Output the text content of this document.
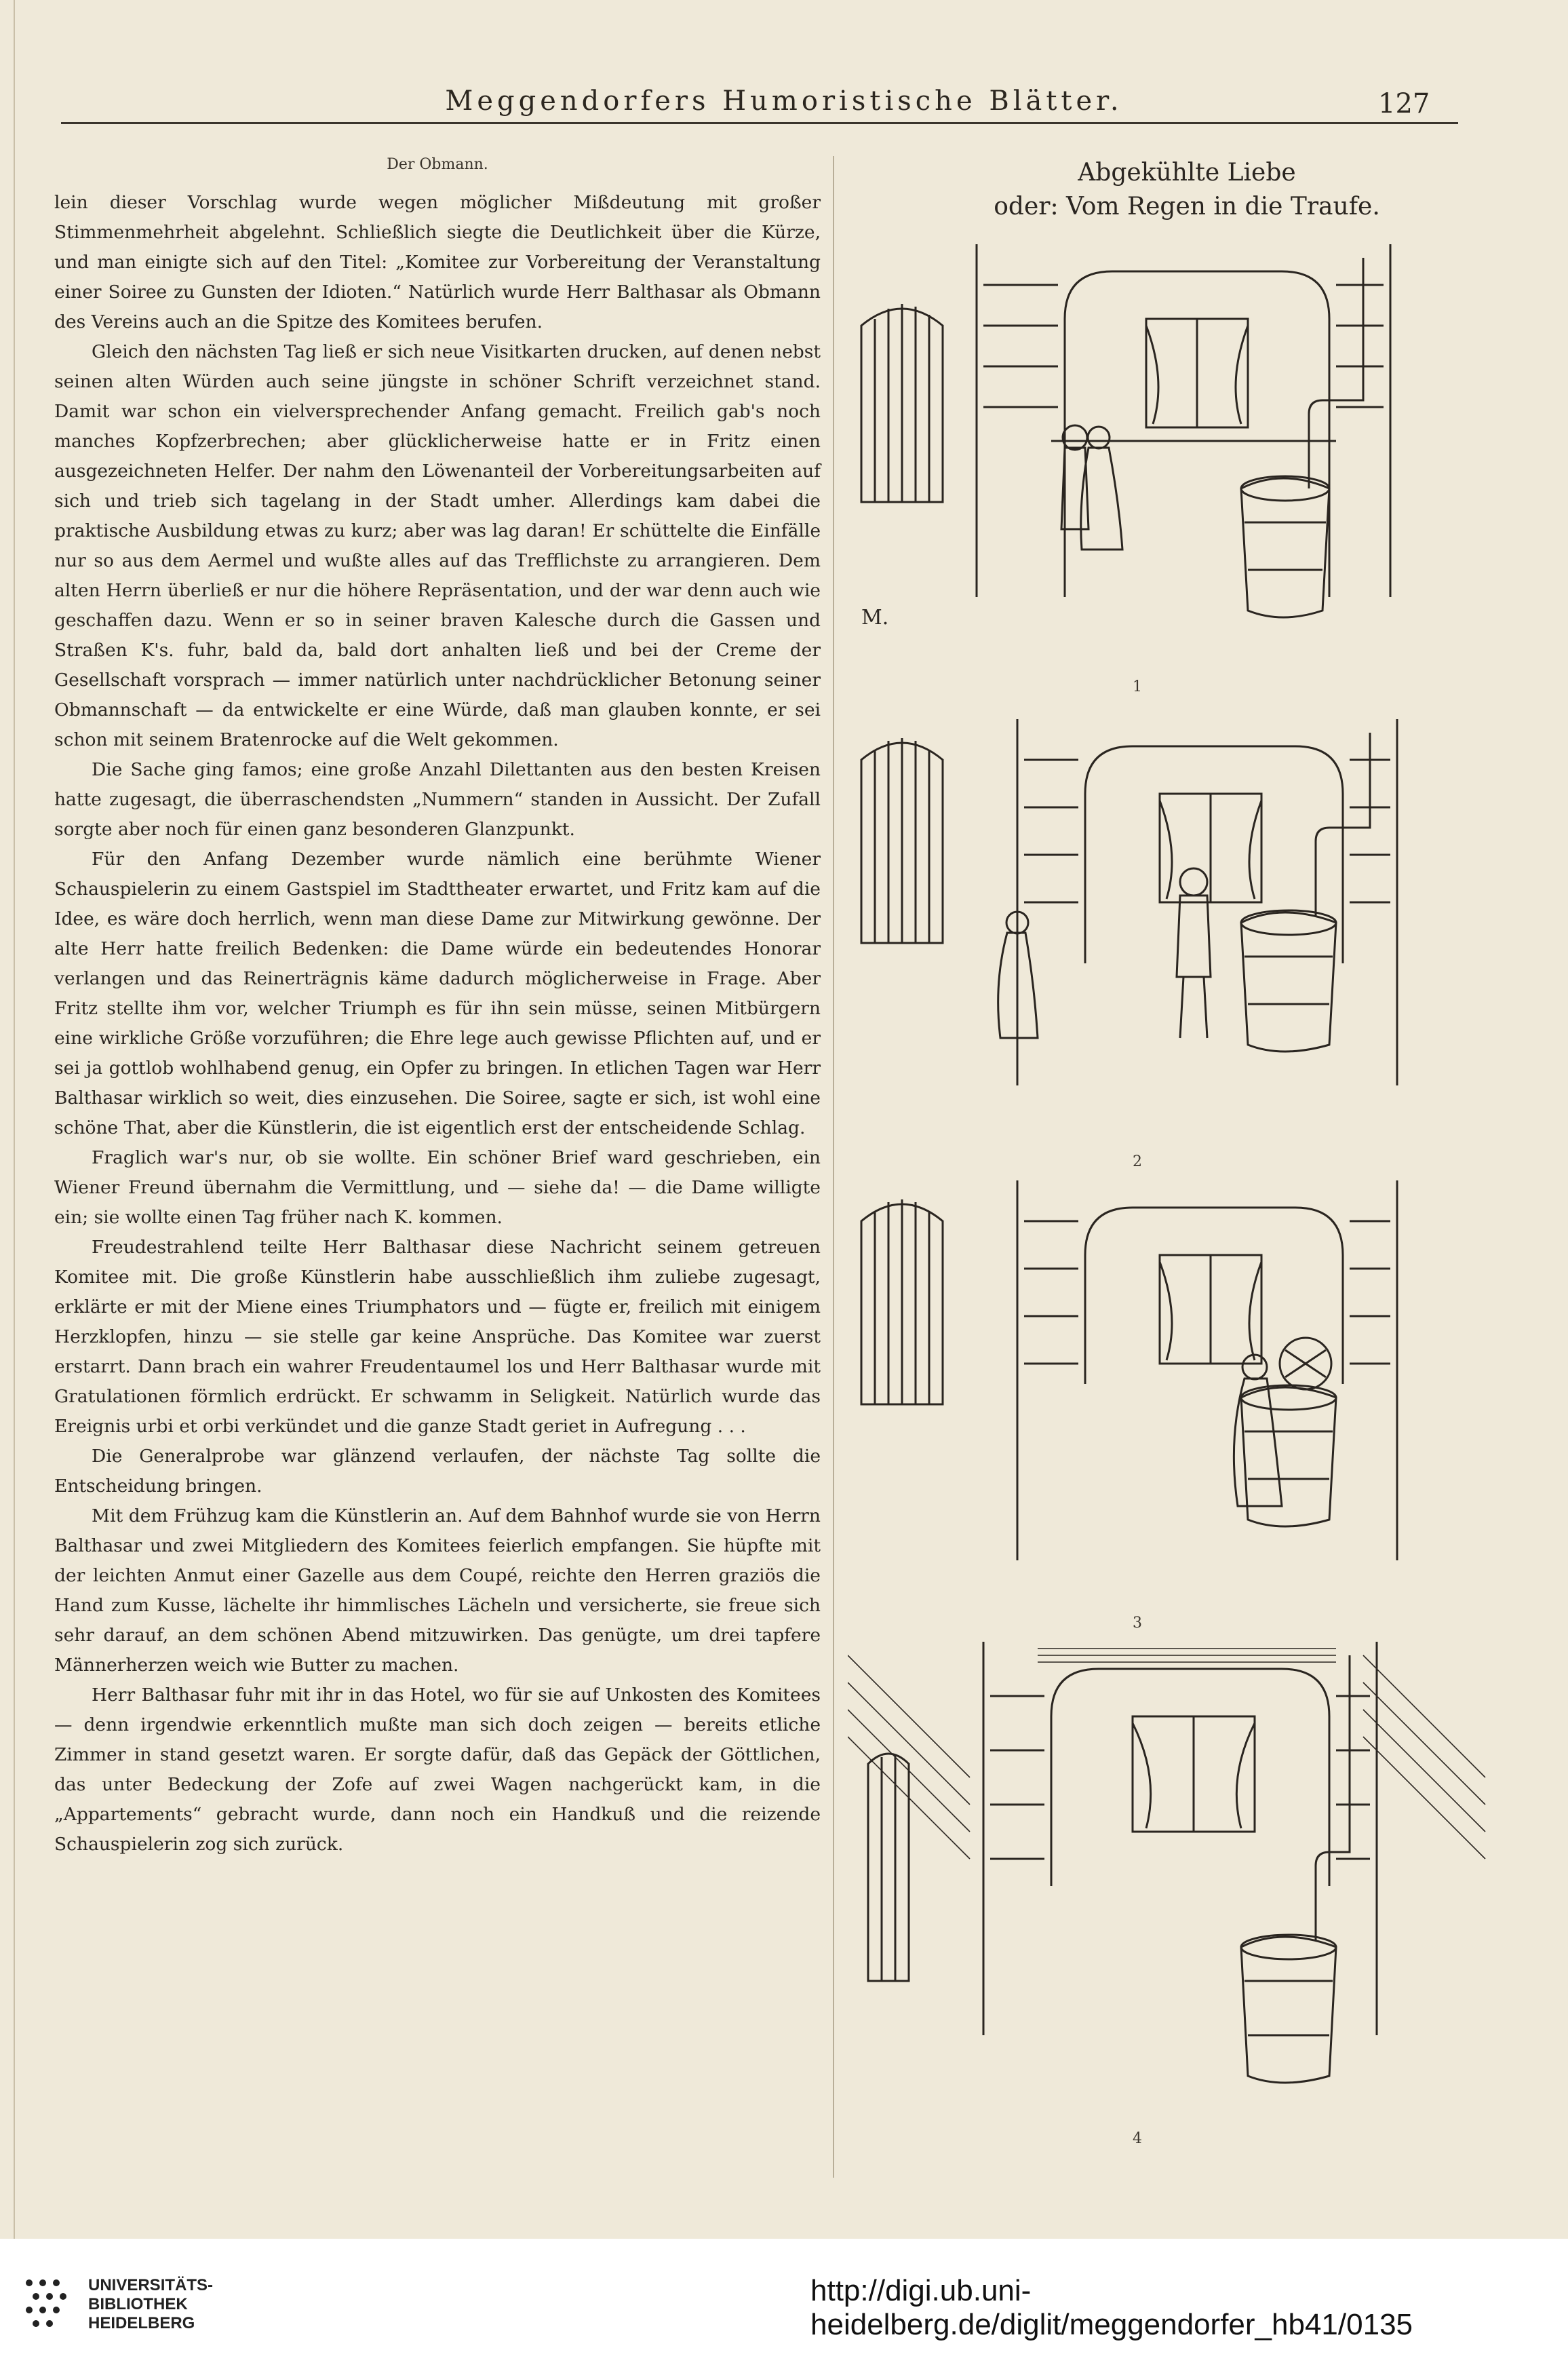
Meggendorfers Humoristische Blätter.	127
Der Obmann.

lein dieser Vorschlag wurde wegen möglicher Mißdeutung mit großer Stimmenmehrheit abgelehnt. Schließlich siegte die Deutlichkeit über die Kürze, und man einigte sich auf den Titel: „Komitee zur Vorbereitung der Veranstaltung einer Soiree zu Gunsten der Idioten.“ Natürlich wurde Herr Balthasar als Obmann des Vereins auch an die Spitze des Komitees berufen.

Gleich den nächsten Tag ließ er sich neue Visitkarten drucken, auf denen nebst seinen alten Würden auch seine jüngste in schöner Schrift verzeichnet stand. Damit war schon ein vielversprechender Anfang gemacht. Freilich gab's noch manches Kopfzerbrechen; aber glücklicherweise hatte er in Fritz einen ausgezeichneten Helfer. Der nahm den Löwenanteil der Vorbereitungsarbeiten auf sich und trieb sich tagelang in der Stadt umher. Allerdings kam dabei die praktische Ausbildung etwas zu kurz; aber was lag daran! Er schüttelte die Einfälle nur so aus dem Aermel und wußte alles auf das Trefflichste zu arrangieren. Dem alten Herrn überließ er nur die höhere Repräsentation, und der war denn auch wie geschaffen dazu. Wenn er so in seiner braven Kalesche durch die Gassen und Straßen K's. fuhr, bald da, bald dort anhalten ließ und bei der Creme der Gesellschaft vorsprach — immer natürlich unter nachdrücklicher Betonung seiner Obmannschaft — da entwickelte er eine Würde, daß man glauben konnte, er sei schon mit seinem Bratenrocke auf die Welt gekommen.

Die Sache ging famos; eine große Anzahl Dilettanten aus den besten Kreisen hatte zugesagt, die überraschendsten „Nummern“ standen in Aussicht. Der Zufall sorgte aber noch für einen ganz besonderen Glanzpunkt.

Für den Anfang Dezember wurde nämlich eine berühmte Wiener Schauspielerin zu einem Gastspiel im Stadttheater erwartet, und Fritz kam auf die Idee, es wäre doch herrlich, wenn man diese Dame zur Mitwirkung gewönne. Der alte Herr hatte freilich Bedenken: die Dame würde ein bedeutendes Honorar verlangen und das Reinerträgnis käme dadurch möglicherweise in Frage. Aber Fritz stellte ihm vor, welcher Triumph es für ihn sein müsse, seinen Mitbürgern eine wirkliche Größe vorzuführen; die Ehre lege auch gewisse Pflichten auf, und er sei ja gottlob wohlhabend genug, ein Opfer zu bringen. In etlichen Tagen war Herr Balthasar wirklich so weit, dies einzusehen. Die Soiree, sagte er sich, ist wohl eine schöne That, aber die Künstlerin, die ist eigentlich erst der entscheidende Schlag.

Fraglich war's nur, ob sie wollte. Ein schöner Brief ward geschrieben, ein Wiener Freund übernahm die Vermittlung, und — siehe da! — die Dame willigte ein; sie wollte einen Tag früher nach K. kommen.

Freudestrahlend teilte Herr Balthasar diese Nachricht seinem getreuen Komitee mit. Die große Künstlerin habe ausschließlich ihm zuliebe zugesagt, erklärte er mit der Miene eines Triumphators und — fügte er, freilich mit einigem Herzklopfen, hinzu — sie stelle gar keine Ansprüche. Das Komitee war zuerst erstarrt. Dann brach ein wahrer Freudentaumel los und Herr Balthasar wurde mit Gratulationen förmlich erdrückt. Er schwamm in Seligkeit. Natürlich wurde das Ereignis urbi et orbi verkündet und die ganze Stadt geriet in Aufregung . . .

Die Generalprobe war glänzend verlaufen, der nächste Tag sollte die Entscheidung bringen.

Mit dem Frühzug kam die Künstlerin an. Auf dem Bahnhof wurde sie von Herrn Balthasar und zwei Mitgliedern des Komitees feierlich empfangen. Sie hüpfte mit der leichten Anmut einer Gazelle aus dem Coupé, reichte den Herren graziös die Hand zum Kusse, lächelte ihr himmlisches Lächeln und versicherte, sie freue sich sehr darauf, an dem schönen Abend mitzuwirken. Das genügte, um drei tapfere Männerherzen weich wie Butter zu machen.

Herr Balthasar fuhr mit ihr in das Hotel, wo für sie auf Unkosten des Komitees — denn irgendwie erkenntlich mußte man sich doch zeigen — bereits etliche Zimmer in stand gesetzt waren. Er sorgte dafür, daß das Gepäck der Göttlichen, das unter Bedeckung der Zofe auf zwei Wagen nachgerückt kam, in die „Appartements“ gebracht wurde, dann noch ein Handkuß und die reizende Schauspielerin zog sich zurück.

Abgekühlte Liebe
oder: Vom Regen in die Traufe.
M.
1
2
3
4
UNIVERSITÄTS-
BIBLIOTHEK
HEIDELBERG
http://digi.ub.uni-heidelberg.de/diglit/meggendorfer_hb41/0135
